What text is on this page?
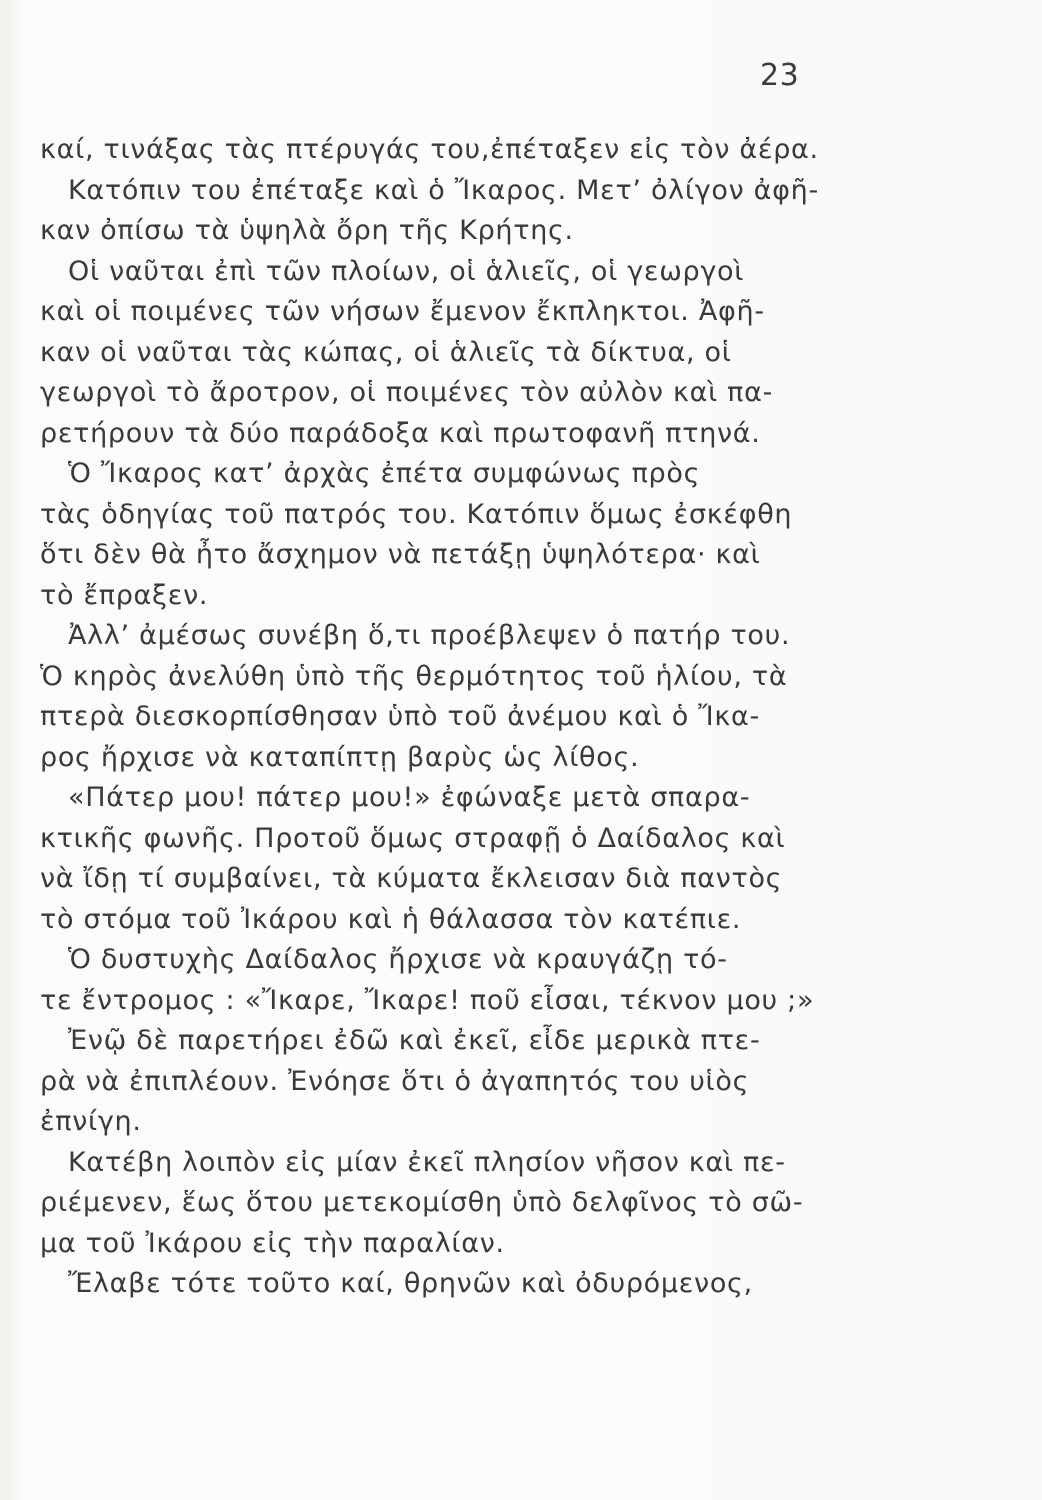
23
καί, τινάξας τὰς πτέρυγάς του,ἐπέταξεν εἰς τὸν ἀέρα.
Κατόπιν του ἐπέταξε καὶ ὁ Ἴκαρος. Μετ’ ὀλίγον ἀφῆ-
καν ὀπίσω τὰ ὑψηλὰ ὄρη τῆς Κρήτης.
Οἱ ναῦται ἐπὶ τῶν πλοίων, οἱ ἁλιεῖς, οἱ γεωργοὶ
καὶ οἱ ποιμένες τῶν νήσων ἔμενον ἔκπληκτοι. Ἀφῆ-
καν οἱ ναῦται τὰς κώπας, οἱ ἁλιεῖς τὰ δίκτυα, οἱ
γεωργοὶ τὸ ἄροτρον, οἱ ποιμένες τὸν αὐλὸν καὶ πα-
ρετήρουν τὰ δύο παράδοξα καὶ πρωτοφανῆ πτηνά.
Ὁ Ἴκαρος κατ’ ἀρχὰς ἐπέτα συμφώνως πρὸς
τὰς ὁδηγίας τοῦ πατρός του. Κατόπιν ὅμως ἐσκέφθη
ὅτι δὲν θὰ ἦτο ἄσχημον νὰ πετάξῃ ὑψηλότερα· καὶ
τὸ ἔπραξεν.
Ἀλλ’ ἀμέσως συνέβη ὅ,τι προέβλεψεν ὁ πατήρ του.
Ὁ κηρὸς ἀνελύθη ὑπὸ τῆς θερμότητος τοῦ ἡλίου, τὰ
πτερὰ διεσκορπίσθησαν ὑπὸ τοῦ ἀνέμου καὶ ὁ Ἴκα-
ρος ἤρχισε νὰ καταπίπτῃ βαρὺς ὡς λίθος.
«Πάτερ μου! πάτερ μου!» ἐφώναξε μετὰ σπαρα-
κτικῆς φωνῆς. Προτοῦ ὅμως στραφῇ ὁ Δαίδαλος καὶ
νὰ ἴδῃ τί συμβαίνει, τὰ κύματα ἔκλεισαν διὰ παντὸς
τὸ στόμα τοῦ Ἰκάρου καὶ ἡ θάλασσα τὸν κατέπιε.
Ὁ δυστυχὴς Δαίδαλος ἤρχισε νὰ κραυγάζῃ τό-
τε ἔντρομος : «Ἴκαρε, Ἴκαρε! ποῦ εἶσαι, τέκνον μου ;»
Ἐνῷ δὲ παρετήρει ἐδῶ καὶ ἐκεῖ, εἶδε μερικὰ πτε-
ρὰ νὰ ἐπιπλέουν. Ἐνόησε ὅτι ὁ ἀγαπητός του υἱὸς
ἐπνίγη.
Κατέβη λοιπὸν εἰς μίαν ἐκεῖ πλησίον νῆσον καὶ πε-
ριέμενεν, ἕως ὅτου μετεκομίσθη ὑπὸ δελφῖνος τὸ σῶ-
μα τοῦ Ἰκάρου εἰς τὴν παραλίαν.
Ἔλαβε τότε τοῦτο καί, θρηνῶν καὶ ὀδυρόμενος,
